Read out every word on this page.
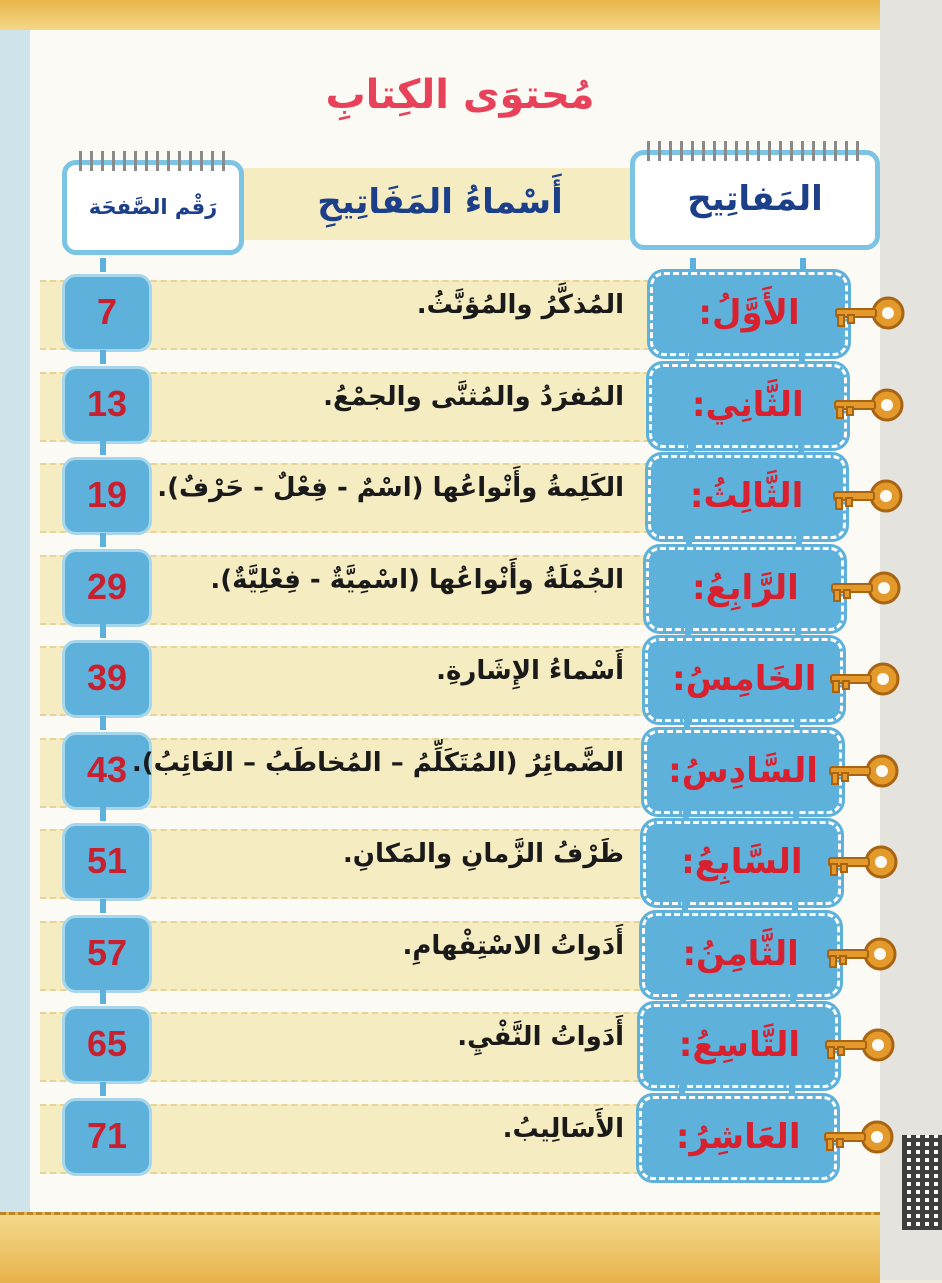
مُحتوَى الكِتابِ
المَفاتِيح
أَسْماءُ المَفَاتِيحِ
رَقْم الصَّفحَة
7	المُذكَّرُ والمُؤنَّثُ.	الأَوَّلُ:
13	المُفرَدُ والمُثنَّى والجمْعُ.	الثَّانِي:
19	الكَلِمةُ وأَنْواعُها (اسْمٌ - فِعْلٌ - حَرْفٌ).	الثَّالِثُ:
29	الجُمْلَةُ وأَنْواعُها (اسْمِيَّةٌ - فِعْلِيَّةٌ).	الرَّابِعُ:
39	أَسْماءُ الإِشَارةِ.	الخَامِسُ:
43 الضَّمائِرُ (المُتَكَلِّمُ – المُخاطَبُ – الغَائِبُ).	السَّادِسُ:
51	ظَرْفُ الزَّمانِ والمَكانِ.	السَّابِعُ:
57	أَدَواتُ الاسْتِفْهامِ.	الثَّامِنُ:
65	أَدَواتُ النَّفْيِ.	التَّاسِعُ:
71	الأَسَالِيبُ.	العَاشِرُ:
